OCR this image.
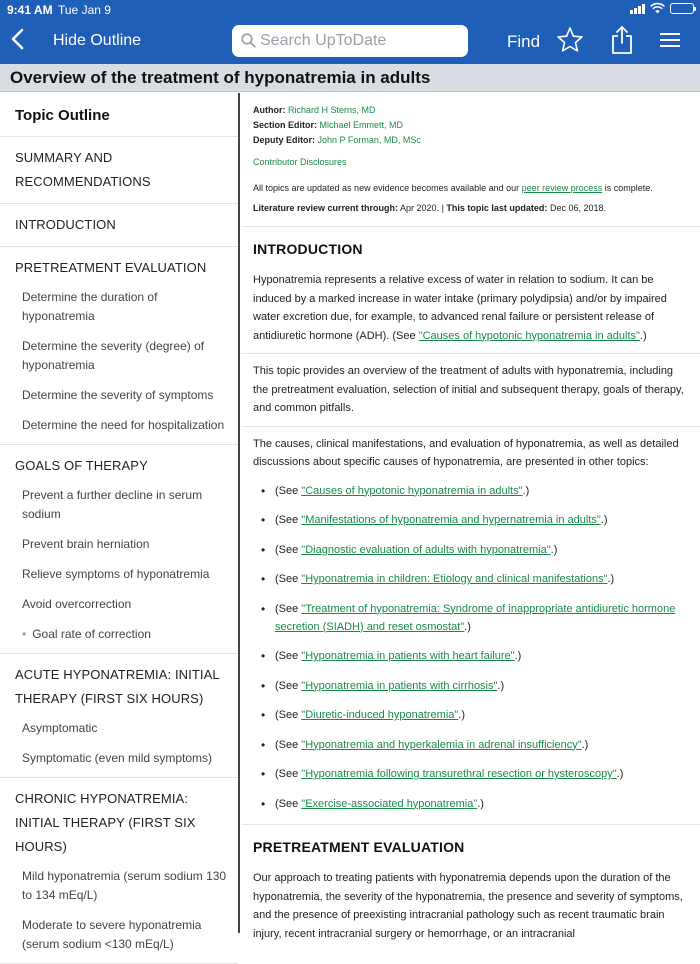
9:41 AM Tue Jan 9
Hide Outline	Search UpToDate	Find
Overview of the treatment of hyponatremia in adults
Topic Outline
SUMMARY AND RECOMMENDATIONS
INTRODUCTION
PRETREATMENT EVALUATION
Determine the duration of hyponatremia
Determine the severity (degree) of hyponatremia
Determine the severity of symptoms
Determine the need for hospitalization
GOALS OF THERAPY
Prevent a further decline in serum sodium
Prevent brain herniation
Relieve symptoms of hyponatremia
Avoid overcorrection
• Goal rate of correction
ACUTE HYPONATREMIA: INITIAL THERAPY (FIRST SIX HOURS)
Asymptomatic
Symptomatic (even mild symptoms)
CHRONIC HYPONATREMIA: INITIAL THERAPY (FIRST SIX HOURS)
Mild hyponatremia (serum sodium 130 to 134 mEq/L)
Moderate to severe hyponatremia (serum sodium <130 mEq/L)
Author: Richard H Sterns, MD
Section Editor: Michael Emmett, MD
Deputy Editor: John P Forman, MD, MSc
Contributor Disclosures
All topics are updated as new evidence becomes available and our peer review process is complete.
Literature review current through: Apr 2020. | This topic last updated: Dec 06, 2018.
INTRODUCTION

Hyponatremia represents a relative excess of water in relation to sodium. It can be induced by a marked increase in water intake (primary polydipsia) and/or by impaired water excretion due, for example, to advanced renal failure or persistent release of antidiuretic hormone (ADH). (See "Causes of hypotonic hyponatremia in adults".)

This topic provides an overview of the treatment of adults with hyponatremia, including the pretreatment evaluation, selection of initial and subsequent therapy, goals of therapy, and common pitfalls.

The causes, clinical manifestations, and evaluation of hyponatremia, as well as detailed discussions about specific causes of hyponatremia, are presented in other topics:

• (See "Causes of hypotonic hyponatremia in adults".)
• (See "Manifestations of hyponatremia and hypernatremia in adults".)
• (See "Diagnostic evaluation of adults with hyponatremia".)
• (See "Hyponatremia in children: Etiology and clinical manifestations".)
• (See "Treatment of hyponatremia: Syndrome of inappropriate antidiuretic hormone secretion (SIADH) and reset osmostat".)
• (See "Hyponatremia in patients with heart failure".)
• (See "Hyponatremia in patients with cirrhosis".)
• (See "Diuretic-induced hyponatremia".)
• (See "Hyponatremia and hyperkalemia in adrenal insufficiency".)
• (See "Hyponatremia following transurethral resection or hysteroscopy".)
• (See "Exercise-associated hyponatremia".)
PRETREATMENT EVALUATION

Our approach to treating patients with hyponatremia depends upon the duration of the hyponatremia, the severity of the hyponatremia, the presence and severity of symptoms, and the presence of preexisting intracranial pathology such as recent traumatic brain injury, recent intracranial surgery or hemorrhage, or an intracranial
